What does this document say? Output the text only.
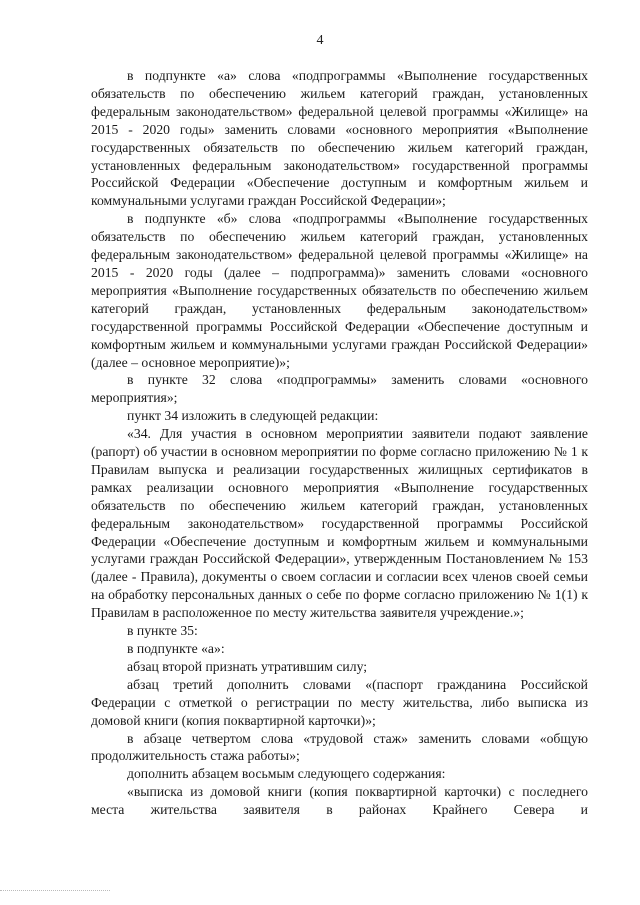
4

в подпункте «а» слова «подпрограммы «Выполнение государственных обязательств по обеспечению жильем категорий граждан, установленных федеральным законодательством» федеральной целевой программы «Жилище» на 2015 - 2020 годы» заменить словами «основного мероприятия «Выполнение государственных обязательств по обеспечению жильем категорий граждан, установленных федеральным законодательством» государственной программы Российской Федерации «Обеспечение доступным и комфортным жильем и коммунальными услугами граждан Российской Федерации»;

в подпункте «б» слова «подпрограммы «Выполнение государственных обязательств по обеспечению жильем категорий граждан, установленных федеральным законодательством» федеральной целевой программы «Жилище» на 2015 - 2020 годы (далее – подпрограмма)» заменить словами «основного мероприятия «Выполнение государственных обязательств по обеспечению жильем категорий граждан, установленных федеральным законодательством» государственной программы Российской Федерации «Обеспечение доступным и комфортным жильем и коммунальными услугами граждан Российской Федерации» (далее – основное мероприятие)»;

в пункте 32 слова «подпрограммы» заменить словами «основного мероприятия»;

пункт 34 изложить в следующей редакции:

«34. Для участия в основном мероприятии заявители подают заявление (рапорт) об участии в основном мероприятии по форме согласно приложению № 1 к Правилам выпуска и реализации государственных жилищных сертификатов в рамках реализации основного мероприятия «Выполнение государственных обязательств по обеспечению жильем категорий граждан, установленных федеральным законодательством» государственной программы Российской Федерации «Обеспечение доступным и комфортным жильем и коммунальными услугами граждан Российской Федерации», утвержденным Постановлением № 153 (далее - Правила), документы о своем согласии и согласии всех членов своей семьи на обработку персональных данных о себе по форме согласно приложению № 1(1) к Правилам в расположенное по месту жительства заявителя учреждение.»;

в пункте 35:

в подпункте «а»:

абзац второй признать утратившим силу;

абзац третий дополнить словами «(паспорт гражданина Российской Федерации с отметкой о регистрации по месту жительства, либо выписка из домовой книги (копия поквартирной карточки)»;

в абзаце четвертом слова «трудовой стаж» заменить словами «общую продолжительность стажа работы»;

дополнить абзацем восьмым следующего содержания:

«выписка из домовой книги (копия поквартирной карточки) с последнего места жительства заявителя в районах Крайнего Севера и
